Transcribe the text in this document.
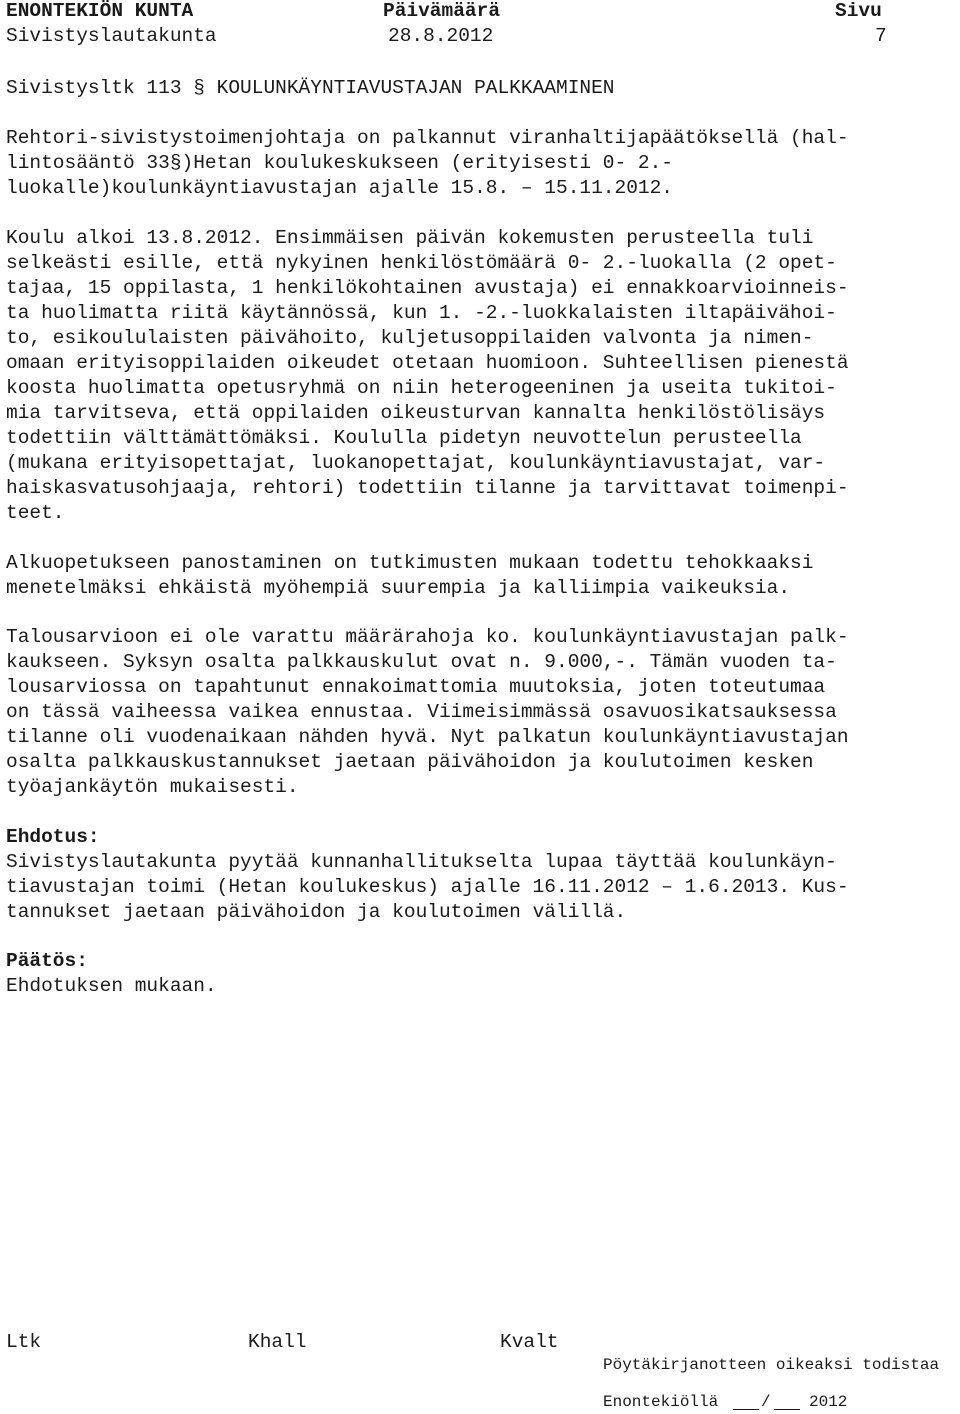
ENONTEKIÖN KUNTA	Päivämäärä	Sivu
Sivistyslautakunta	28.8.2012	7
Sivistysltk 113 § KOULUNKÄYNTIAVUSTAJAN PALKKAAMINEN
Rehtori-sivistystoimenjohtaja on palkannut viranhaltijapäätöksellä (hal-
lintosääntö 33§)Hetan koulukeskukseen (erityisesti 0- 2.-
luokalle)koulunkäyntiavustajan ajalle 15.8. – 15.11.2012.
Koulu alkoi 13.8.2012. Ensimmäisen päivän kokemusten perusteella tuli
selkeästi esille, että nykyinen henkilöstömäärä 0- 2.-luokalla (2 opet-
tajaa, 15 oppilasta, 1 henkilökohtainen avustaja) ei ennakkoarvioinneis-
ta huolimatta riitä käytännössä, kun 1. -2.-luokkalaisten iltapäivähoi-
to, esikoululaisten päivähoito, kuljetusoppilaiden valvonta ja nimen-
omaan erityisoppilaiden oikeudet otetaan huomioon. Suhteellisen pienestä
koosta huolimatta opetusryhmä on niin heterogeeninen ja useita tukitoi-
mia tarvitseva, että oppilaiden oikeusturvan kannalta henkilöstölisäys
todettiin välttämättömäksi. Koululla pidetyn neuvottelun perusteella
(mukana erityisopettajat, luokanopettajat, koulunkäyntiavustajat, var-
haiskasvatusohjaaja, rehtori) todettiin tilanne ja tarvittavat toimenpi-
teet.
Alkuopetukseen panostaminen on tutkimusten mukaan todettu tehokkaaksi
menetelmäksi ehkäistä myöhempiä suurempia ja kalliimpia vaikeuksia.
Talousarvioon ei ole varattu määrärahoja ko. koulunkäyntiavustajan palk-
kaukseen. Syksyn osalta palkkauskulut ovat n. 9.000,-. Tämän vuoden ta-
lousarviossa on tapahtunut ennakoimattomia muutoksia, joten toteutumaa
on tässä vaiheessa vaikea ennustaa. Viimeisimmässä osavuosikatsauksessa
tilanne oli vuodenaikaan nähden hyvä. Nyt palkatun koulunkäyntiavustajan
osalta palkkauskustannukset jaetaan päivähoidon ja koulutoimen kesken
työajankäytön mukaisesti.
Ehdotus:
Sivistyslautakunta pyytää kunnanhallitukselta lupaa täyttää koulunkäyn-
tiavustajan toimi (Hetan koulukeskus) ajalle 16.11.2012 – 1.6.2013. Kus-
tannukset jaetaan päivähoidon ja koulutoimen välillä.
Päätös:
Ehdotuksen mukaan.
Ltk	Khall	Kvalt
Pöytäkirjanotteen oikeaksi todistaa
Enontekiöllä	/ 2012
